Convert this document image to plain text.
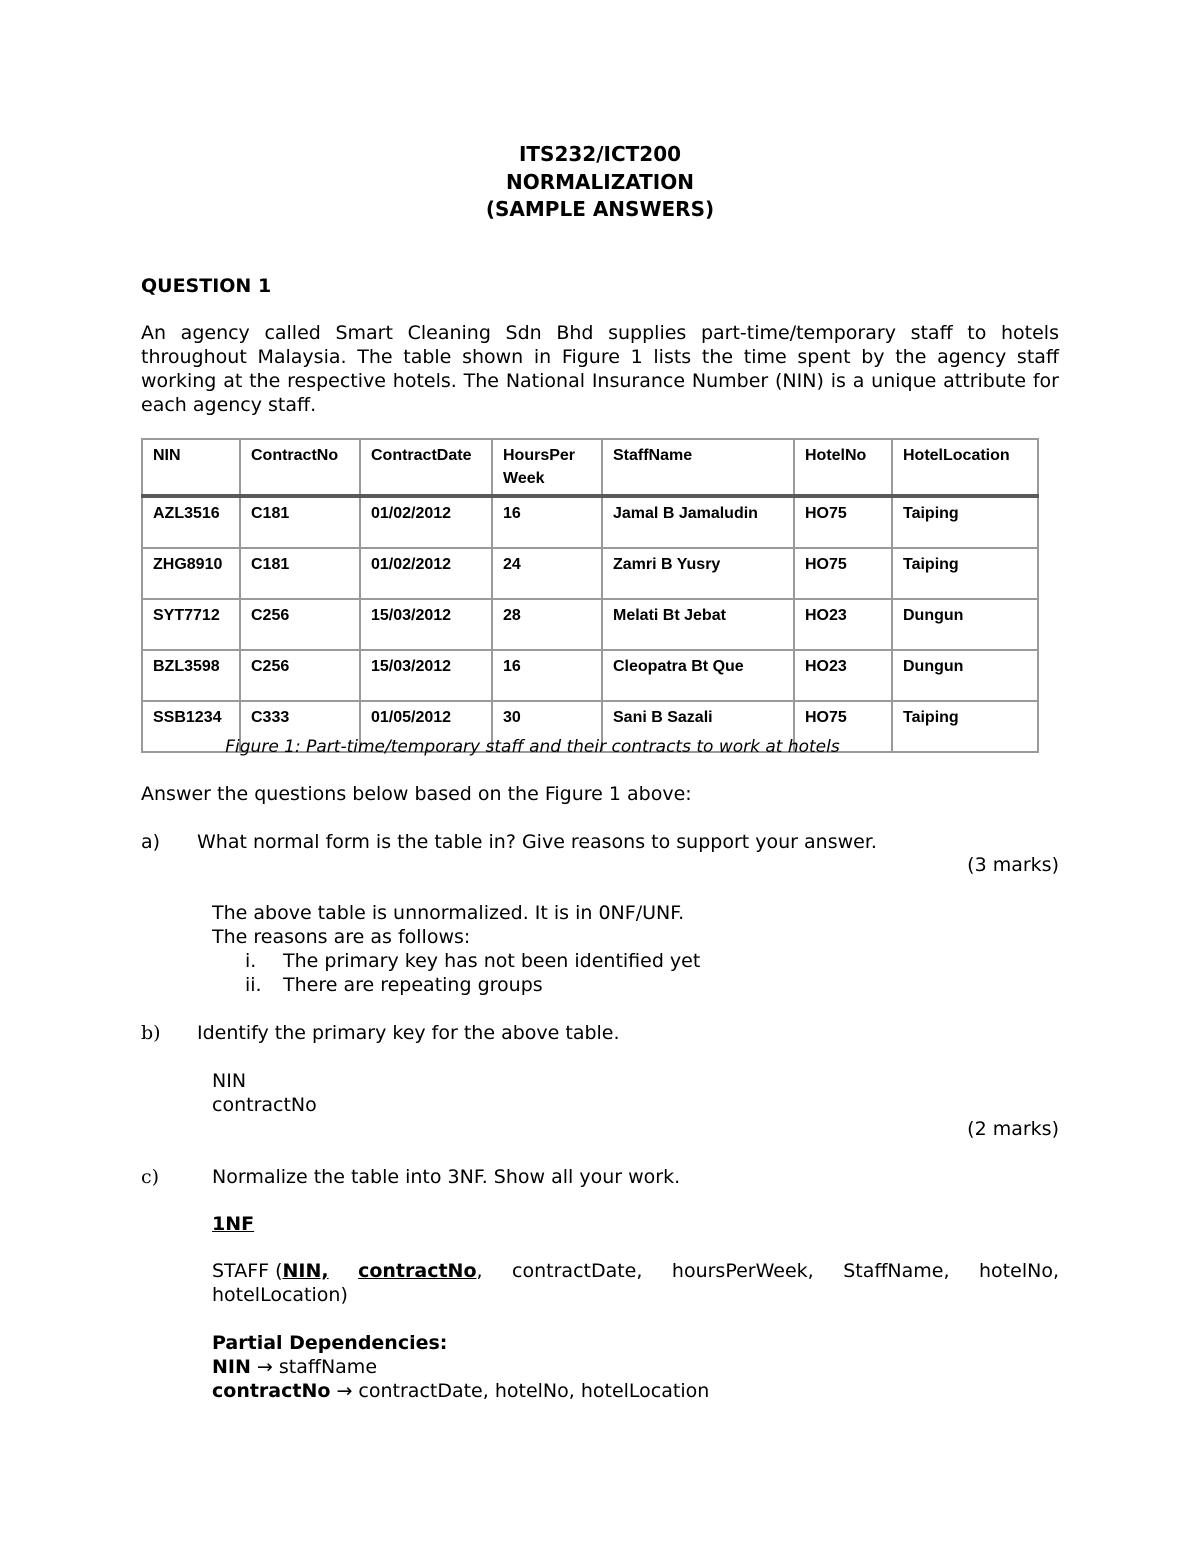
ITS232/ICT200
NORMALIZATION
(SAMPLE ANSWERS)
QUESTION 1
An agency called Smart Cleaning Sdn Bhd supplies part-time/temporary staff to hotels throughout Malaysia. The table shown in Figure 1 lists the time spent by the agency staff working at the respective hotels. The National Insurance Number (NIN) is a unique attribute for each agency staff.
NIN	ContractNo	ContractDate	HoursPer Week	StaffName	HotelNo	HotelLocation
AZL3516	C181	01/02/2012	16	Jamal B Jamaludin	HO75	Taiping
ZHG8910	C181	01/02/2012	24	Zamri B Yusry	HO75	Taiping
SYT7712	C256	15/03/2012	28	Melati Bt Jebat	HO23	Dungun
BZL3598	C256	15/03/2012	16	Cleopatra Bt Que	HO23	Dungun
SSB1234	C333	01/05/2012	30	Sani B Sazali	HO75	Taiping
Figure 1: Part-time/temporary staff and their contracts to work at hotels
Answer the questions below based on the Figure 1 above:
a) What normal form is the table in? Give reasons to support your answer.
(3 marks)
The above table is unnormalized. It is in 0NF/UNF.
The reasons are as follows:
i. The primary key has not been identified yet
ii. There are repeating groups
b) Identify the primary key for the above table.
NIN
contractNo
(2 marks)
c)	Normalize the table into 3NF. Show all your work.
1NF
STAFF (NIN, contractNo, contractDate, hoursPerWeek, StaffName, hotelNo,
hotelLocation)
Partial Dependencies:
NIN → staffName
contractNo → contractDate, hotelNo, hotelLocation
